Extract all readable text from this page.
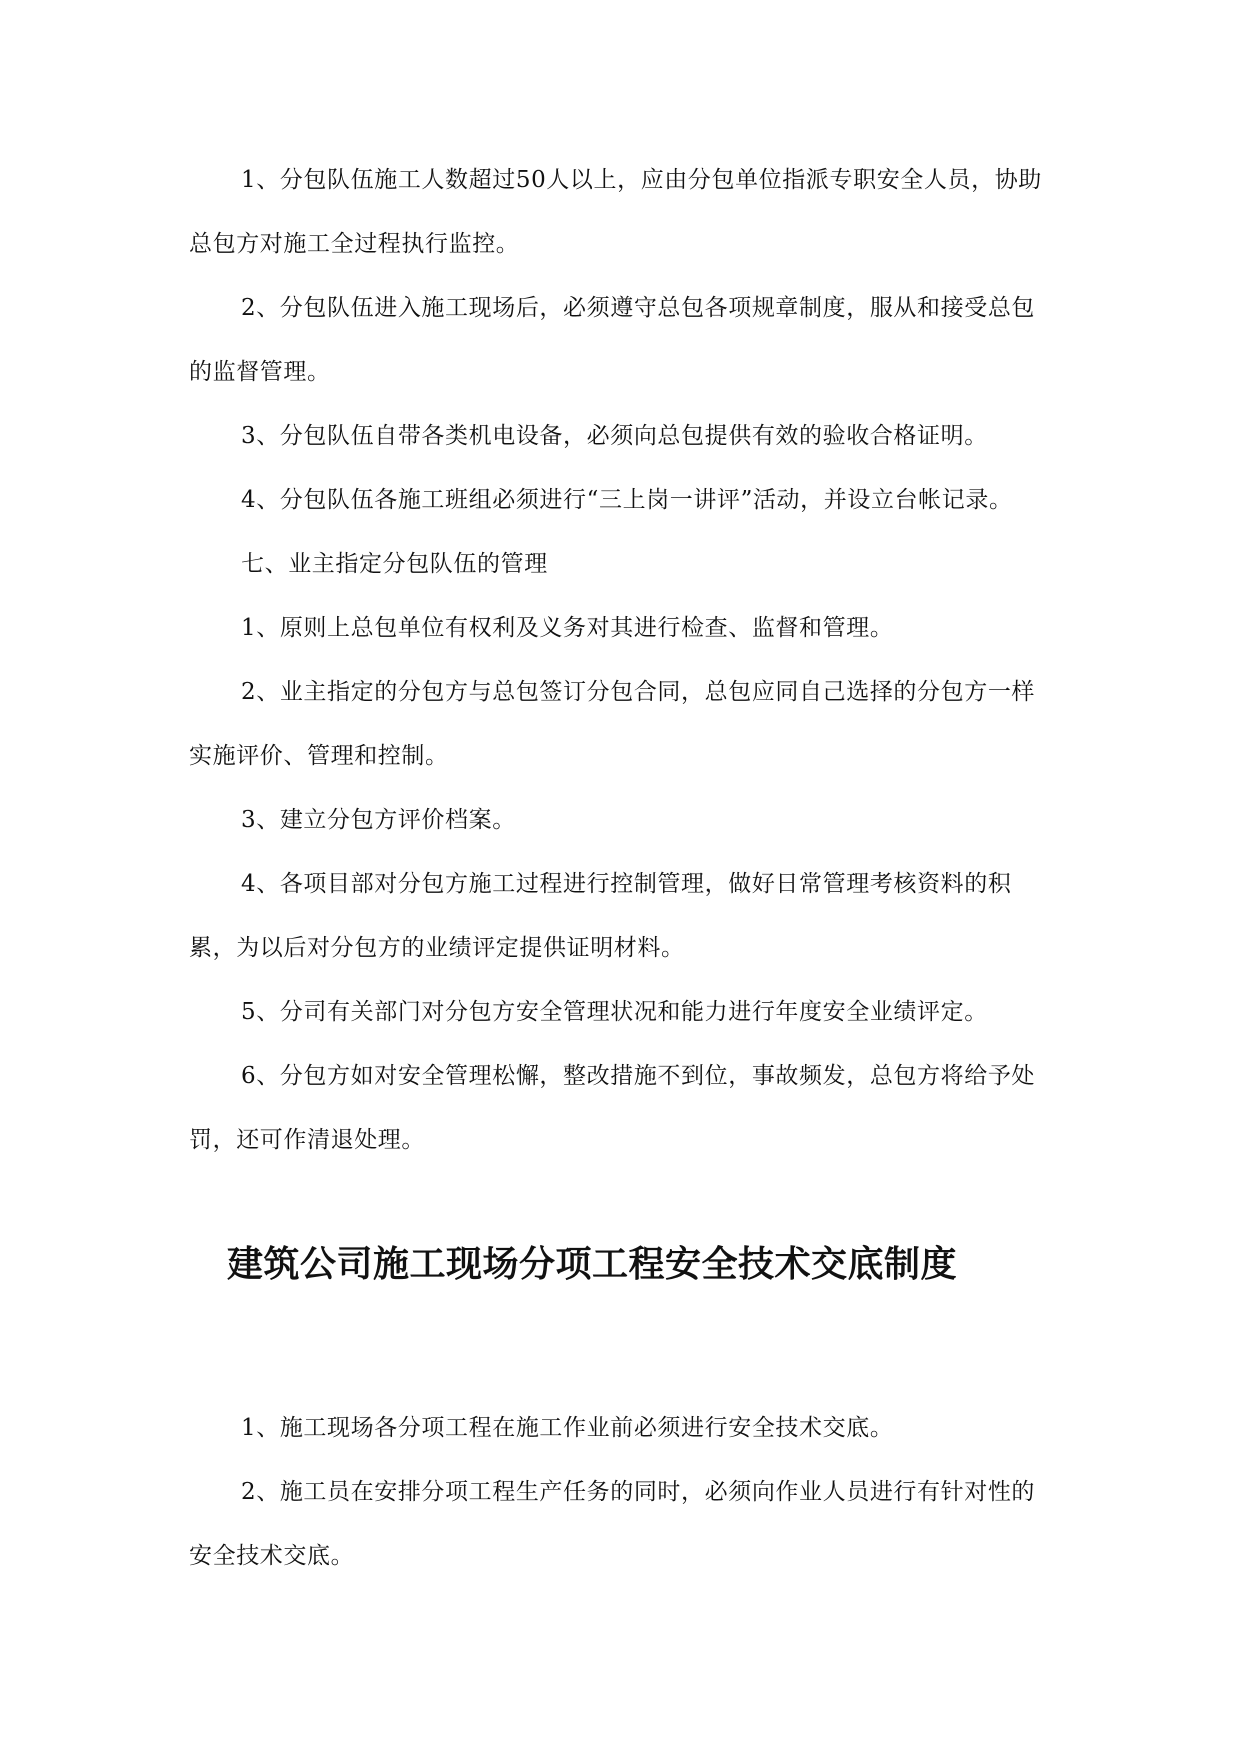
1、分包队伍施工人数超过50人以上，应由分包单位指派专职安全人员，协助总包方对施工全过程执行监控。

2、分包队伍进入施工现场后，必须遵守总包各项规章制度，服从和接受总包的监督管理。

3、分包队伍自带各类机电设备，必须向总包提供有效的验收合格证明。

4、分包队伍各施工班组必须进行“三上岗一讲评”活动，并设立台帐记录。

七、业主指定分包队伍的管理

1、原则上总包单位有权利及义务对其进行检查、监督和管理。

2、业主指定的分包方与总包签订分包合同，总包应同自己选择的分包方一样实施评价、管理和控制。

3、建立分包方评价档案。

4、各项目部对分包方施工过程进行控制管理，做好日常管理考核资料的积累，为以后对分包方的业绩评定提供证明材料。

5、分司有关部门对分包方安全管理状况和能力进行年度安全业绩评定。

6、分包方如对安全管理松懈，整改措施不到位，事故频发，总包方将给予处罚，还可作清退处理。

建筑公司施工现场分项工程安全技术交底制度

1、施工现场各分项工程在施工作业前必须进行安全技术交底。

2、施工员在安排分项工程生产任务的同时，必须向作业人员进行有针对性的安全技术交底。
